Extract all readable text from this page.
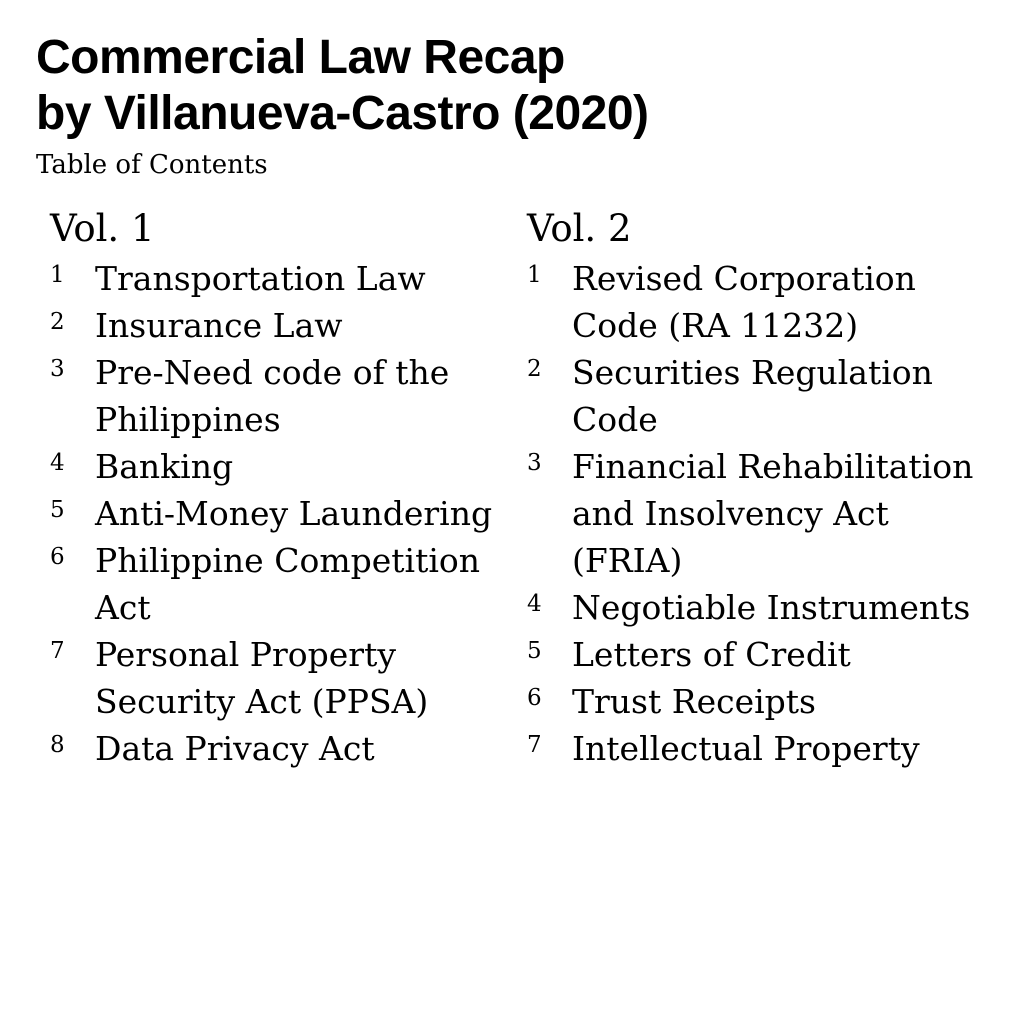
Commercial Law Recap
by Villanueva-Castro (2020)
Table of Contents
Vol. 1
1 Transportation Law
2 Insurance Law
3 Pre-Need code of the
Philippines
4 Banking
5 Anti-Money Laundering
6 Philippine Competition
Act
7 Personal Property
Security Act (PPSA)
8 Data Privacy Act
Vol. 2
1 Revised Corporation
Code (RA 11232)
2 Securities Regulation
Code
3 Financial Rehabilitation
and Insolvency Act
(FRIA)
4 Negotiable Instruments
5 Letters of Credit
6 Trust Receipts
7 Intellectual Property
